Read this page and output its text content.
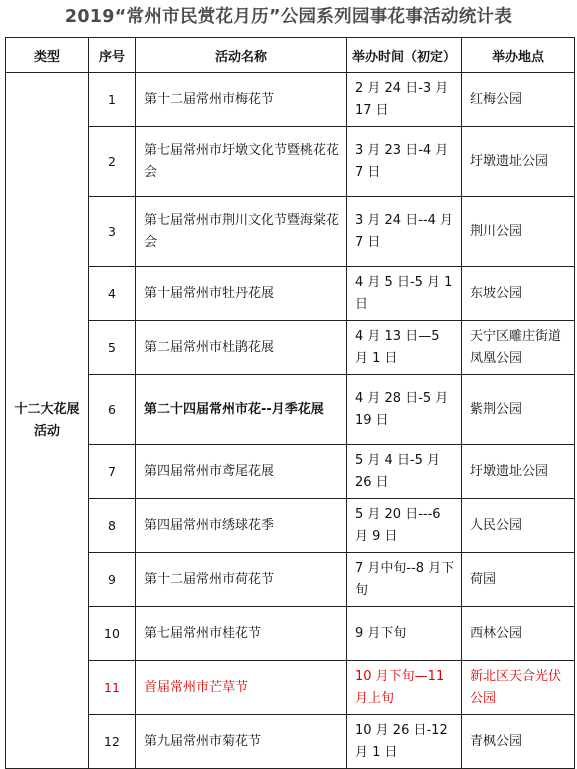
2019“常州市民赏花月历”公园系列园事花事活动统计表
类型	序号	活动名称	举办时间（初定）	举办地点
十二大花展活动	1	第十二届常州市梅花节	2 月 24 日-3 月 17 日	红梅公园
	2	第七届常州市圩墩文化节暨桃花花会	3 月 23 日-4 月 7 日	圩墩遗址公园
	3	第七届常州市荆川文化节暨海棠花会	3 月 24 日--4 月 7 日	荆川公园
	4	第十届常州市牡丹花展	4 月 5 日-5 月 1 日	东坡公园
	5	第二届常州市杜鹃花展	4 月 13 日—5 月 1 日	天宁区雕庄街道凤凰公园
	6	第二十四届常州市花--月季花展	4 月 28 日-5 月 19 日	紫荆公园
	7	第四届常州市鸢尾花展	5 月 4 日-5 月 26 日	圩墩遗址公园
	8	第四届常州市绣球花季	5 月 20 日---6 月 9 日	人民公园
	9	第十二届常州市荷花节	7 月中旬--8 月下旬	荷园
	10	第七届常州市桂花节	9 月下旬	西林公园
	11	首届常州市芒草节	10 月下旬—11 月上旬	新北区天合光伏公园
	12	第九届常州市菊花节	10 月 26 日-12 月 1 日	青枫公园
